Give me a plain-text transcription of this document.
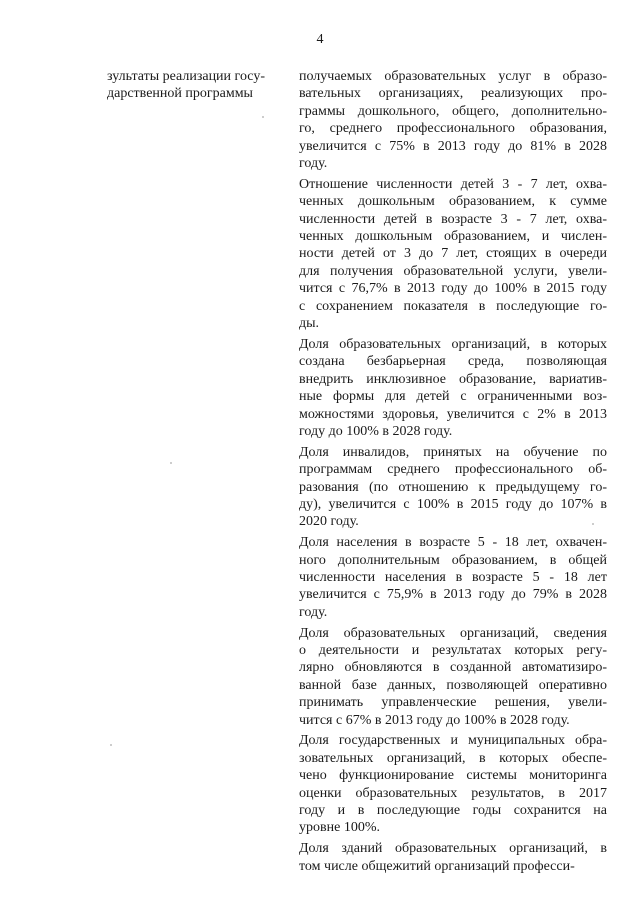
4
зультаты реализации госу-
дарственной программы
получаемых образовательных услуг в образо-
вательных организациях, реализующих про-
граммы дошкольного, общего, дополнительно-
го, среднего профессионального образования,
увеличится с 75% в 2013 году до 81% в 2028
году.
Отношение численности детей 3 - 7 лет, охва-
ченных дошкольным образованием, к сумме
численности детей в возрасте 3 - 7 лет, охва-
ченных дошкольным образованием, и числен-
ности детей от 3 до 7 лет, стоящих в очереди
для получения образовательной услуги, увели-
чится с 76,7% в 2013 году до 100% в 2015 году
с сохранением показателя в последующие го-
ды.
Доля образовательных организаций, в которых
создана безбарьерная среда, позволяющая
внедрить инклюзивное образование, вариатив-
ные формы для детей с ограниченными воз-
можностями здоровья, увеличится с 2% в 2013
году до 100% в 2028 году.
Доля инвалидов, принятых на обучение по
программам среднего профессионального об-
разования (по отношению к предыдущему го-
ду), увеличится с 100% в 2015 году до 107% в
2020 году.
Доля населения в возрасте 5 - 18 лет, охвачен-
ного дополнительным образованием, в общей
численности населения в возрасте 5 - 18 лет
увеличится с 75,9% в 2013 году до 79% в 2028
году.
Доля образовательных организаций, сведения
о деятельности и результатах которых регу-
лярно обновляются в созданной автоматизиро-
ванной базе данных, позволяющей оперативно
принимать управленческие решения, увели-
чится с 67% в 2013 году до 100% в 2028 году.
Доля государственных и муниципальных обра-
зовательных организаций, в которых обеспе-
чено функционирование системы мониторинга
оценки образовательных результатов, в 2017
году и в последующие годы сохранится на
уровне 100%.
Доля зданий образовательных организаций, в
том числе общежитий организаций професси-
